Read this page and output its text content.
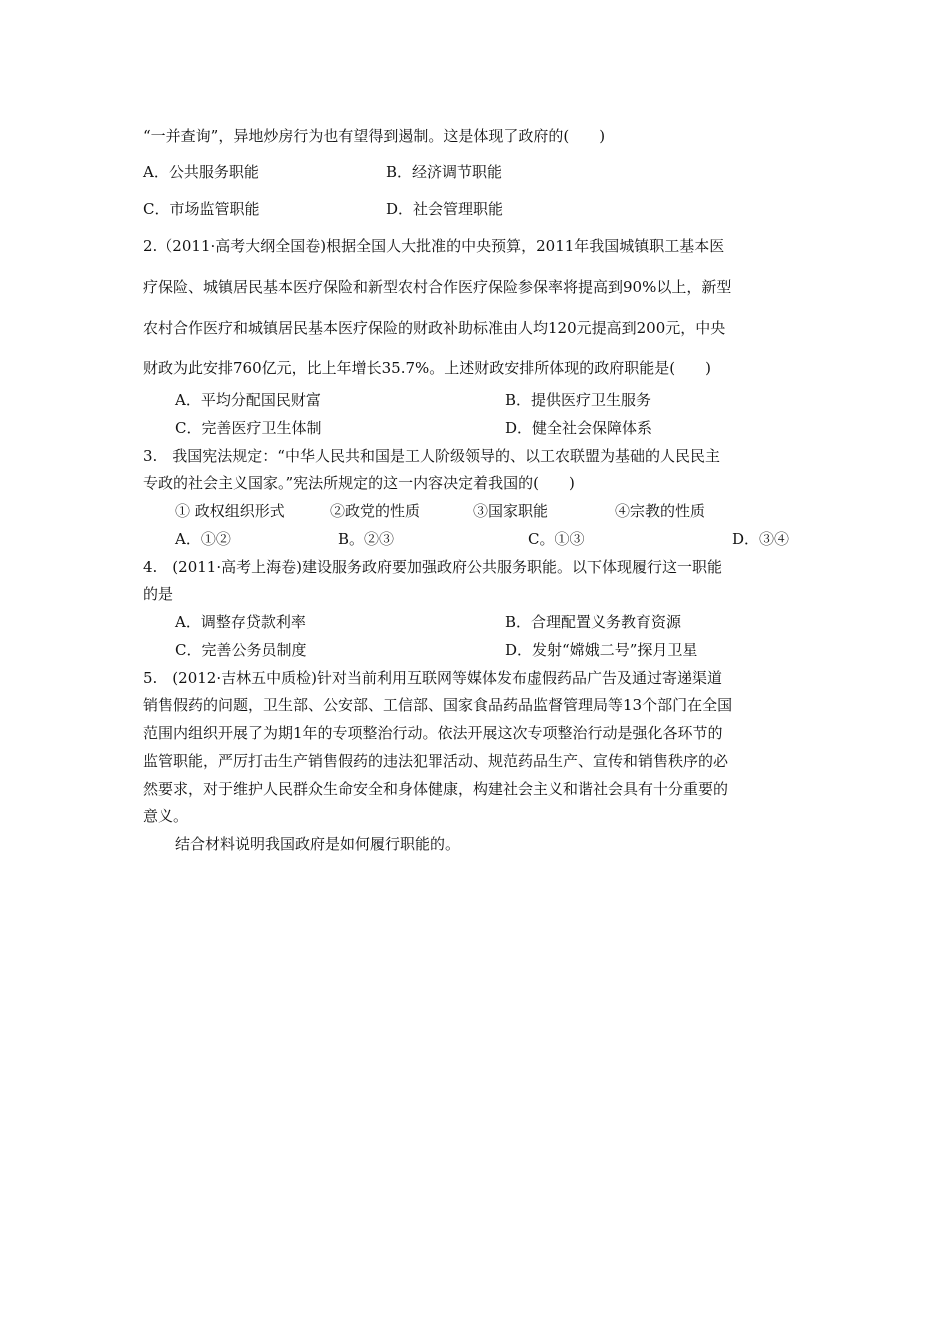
“一并查询”，异地炒房行为也有望得到遏制。这是体现了政府的(　　)
A．公共服务职能	B．经济调节职能
C．市场监管职能	D．社会管理职能
2.（2011·高考大纲全国卷)根据全国人大批准的中央预算，2011年我国城镇职工基本医
疗保险、城镇居民基本医疗保险和新型农村合作医疗保险参保率将提高到90%以上，新型
农村合作医疗和城镇居民基本医疗保险的财政补助标准由人均120元提高到200元，中央
财政为此安排760亿元，比上年增长35.7%。上述财政安排所体现的政府职能是(　　)
A．平均分配国民财富	B．提供医疗卫生服务
C．完善医疗卫生体制	D．健全社会保障体系
3.　我国宪法规定：“中华人民共和国是工人阶级领导的、以工农联盟为基础的人民民主
专政的社会主义国家。”宪法所规定的这一内容决定着我国的(　　)
① 政权组织形式	②政党的性质	③国家职能	④宗教的性质
A．①②	B。②③	C。①③	D．③④
4.　(2011·高考上海卷)建设服务政府要加强政府公共服务职能。以下体现履行这一职能
的是
A．调整存贷款利率	B．合理配置义务教育资源
C．完善公务员制度	D．发射“嫦娥二号”探月卫星
5.　(2012·吉林五中质检)针对当前利用互联网等媒体发布虚假药品广告及通过寄递渠道
销售假药的问题，卫生部、公安部、工信部、国家食品药品监督管理局等13个部门在全国
范围内组织开展了为期1年的专项整治行动。依法开展这次专项整治行动是强化各环节的
监管职能，严厉打击生产销售假药的违法犯罪活动、规范药品生产、宣传和销售秩序的必
然要求，对于维护人民群众生命安全和身体健康，构建社会主义和谐社会具有十分重要的
意义。
结合材料说明我国政府是如何履行职能的。
